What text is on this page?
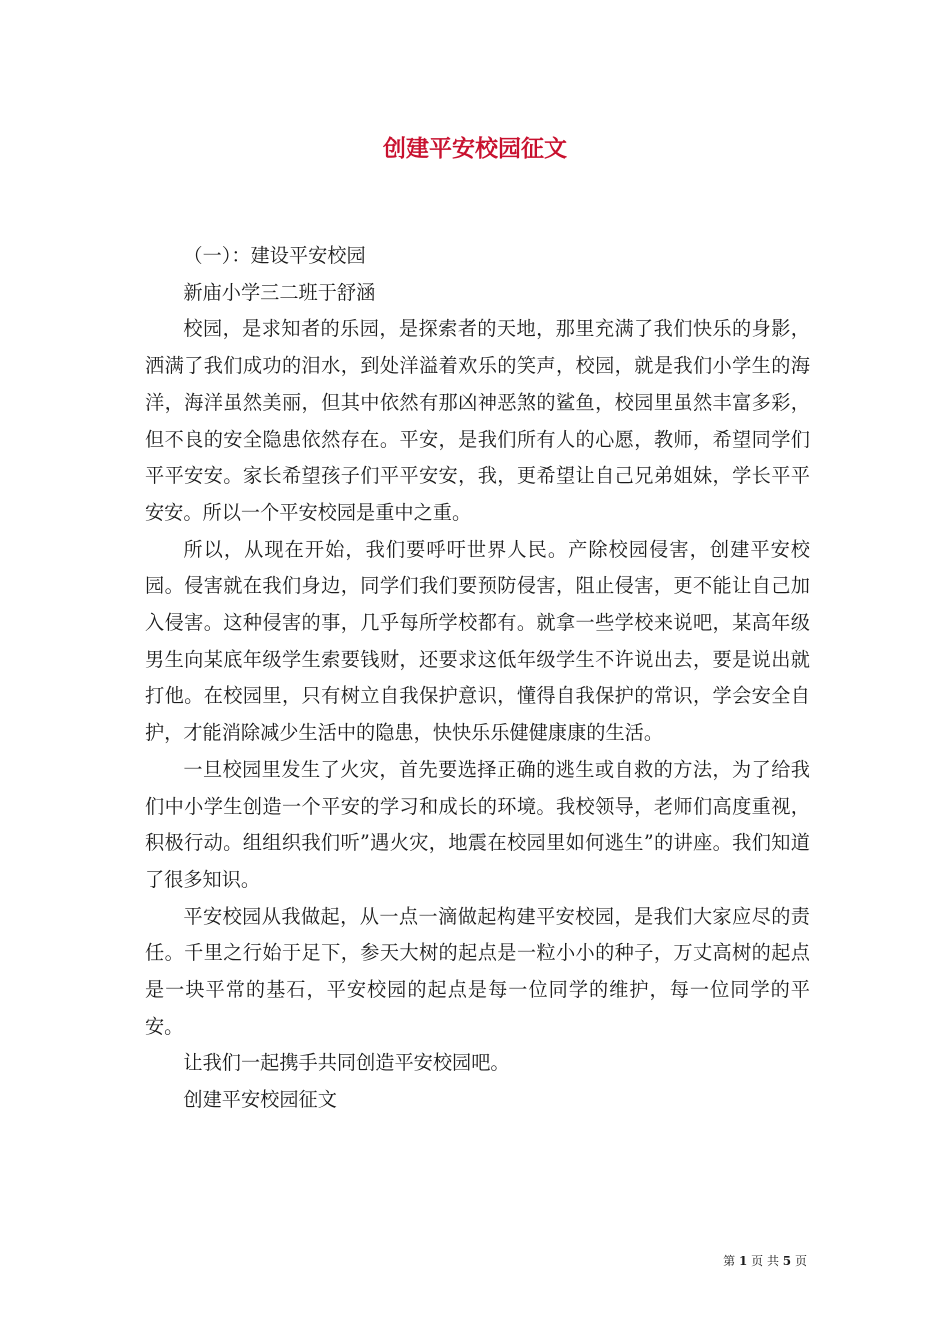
创建平安校园征文

（一）：建设平安校园

新庙小学三二班于舒涵

校园，是求知者的乐园，是探索者的天地，那里充满了我们快乐的身影，洒满了我们成功的泪水，到处洋溢着欢乐的笑声，校园，就是我们小学生的海洋，海洋虽然美丽，但其中依然有那凶神恶煞的鲨鱼，校园里虽然丰富多彩，但不良的安全隐患依然存在。平安，是我们所有人的心愿，教师，希望同学们平平安安。家长希望孩子们平平安安，我，更希望让自己兄弟姐妹，学长平平安安。所以一个平安校园是重中之重。

所以，从现在开始，我们要呼吁世界人民。产除校园侵害，创建平安校园。侵害就在我们身边，同学们我们要预防侵害，阻止侵害，更不能让自己加入侵害。这种侵害的事，几乎每所学校都有。就拿一些学校来说吧，某高年级男生向某底年级学生索要钱财，还要求这低年级学生不许说出去，要是说出就打他。在校园里，只有树立自我保护意识，懂得自我保护的常识，学会安全自护，才能消除减少生活中的隐患，快快乐乐健健康康的生活。

一旦校园里发生了火灾，首先要选择正确的逃生或自救的方法，为了给我们中小学生创造一个平安的学习和成长的环境。我校领导，老师们高度重视，积极行动。组组织我们听”遇火灾，地震在校园里如何逃生”的讲座。我们知道了很多知识。

平安校园从我做起，从一点一滴做起构建平安校园，是我们大家应尽的责任。千里之行始于足下，参天大树的起点是一粒小小的种子，万丈高树的起点是一块平常的基石，平安校园的起点是每一位同学的维护，每一位同学的平安。

让我们一起携手共同创造平安校园吧。

创建平安校园征文

第 1 页 共 5 页
